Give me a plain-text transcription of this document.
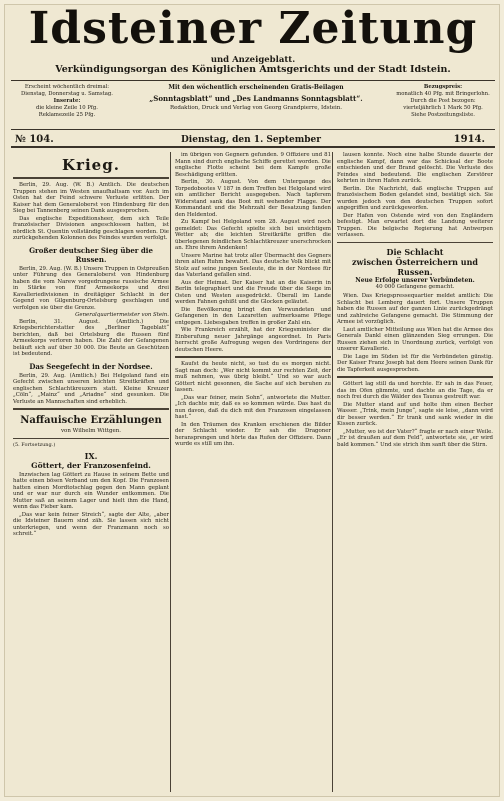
Idsteiner Zeitung
und Anzeigeblatt.
Verkündigungsorgan des Königlichen Amtsgerichts und der Stadt Idstein.
Erscheint wöchentlich dreimal:
Dienstag, Donnerstag u. Samstag.
Inserate:
die kleine Zeile 10 Pfg.
Reklamezeile 25 Pfg.
Mit den wöchentlich erscheinenden Gratis-Beilagen
„Sonntagsblatt“ und „Des Landmanns Sonntagsblatt“.
Redaktion, Druck und Verlag von Georg Grandpierre, Idstein.
Bezugspreis:
monatlich 40 Pfg. mit Bringerlohn.
Durch die Post bezogen:
vierteljährlich 1 Mark 50 Pfg.
Siehe Postzeitungsliste.
№ 104.	Dienstag, den 1. September	1914.
Krieg.

Berlin, 29. Aug. (W. B.) Amtlich. Die deutschen Truppen stehen im Westen unaufhaltsam vor. Auch im Osten hat der Feind schwere Verluste erlitten. Der Kaiser hat dem Generaloberst von Hindenburg für den Sieg bei Tannenberg seinen Dank ausgesprochen.

Das englische Expeditionsheer, dem sich Teile französischer Divisionen angeschlossen hatten, ist nördlich St. Quentin vollständig geschlagen worden. Die zurückgehenden Kolonnen des Feindes wurden verfolgt.

Großer deutscher Sieg über die Russen.

Berlin, 29. Aug. (W. B.) Unsere Truppen in Ostpreußen unter Führung des Generaloberst von Hindenburg haben die vom Narew vorgedrungene russische Armee in Stärke von fünf Armeekorps und drei Kavalleriedivisionen in dreitägiger Schlacht in der Gegend von Gilgenburg-Ortelsburg geschlagen und verfolgen sie über die Grenze.

Generalquartiermeister von Stein.

Berlin, 31. August. (Amtlich.) Die Kriegsberichterstatter des „Berliner Tageblatt“ berichten, daß bei Ortelsburg die Russen fünf Armeekorps verloren haben. Die Zahl der Gefangenen beläuft sich auf über 30 000. Die Beute an Geschützen ist bedeutend.

Das Seegefecht in der Nordsee.

Berlin, 29. Aug. (Amtlich.) Bei Helgoland fand ein Gefecht zwischen unseren leichten Streitkräften und englischen Schlachtkreuzern statt. Kleine Kreuzer „Cöln“, „Mainz“ und „Ariadne“ sind gesunken. Die Verluste an Mannschaften sind erheblich.

Naffauische Erzählungen
von Wilhelm Wittgen.
(5. Fortsetzung.)
IX.
Göttert, der Franzosenfeind.

Inzwischen lag Göttert zu Hause in seinem Bette und hatte einen bösen Verband um den Kopf. Die Franzosen hatten einen Mordtotschlag gegen den Mann geplant und er war nur durch ein Wunder entkommen. Die Mutter saß an seinem Lager und hielt ihm die Hand, wenn das Fieber kam.

„Das war kein feiner Streich“, sagte der Alte, „aber die Idsteiner Bauern sind zäh. Sie lassen sich nicht unterkriegen, und wenn der Franzmann noch so schreit.“

im übrigen von Gegnern gefunden. 9 Offiziere und 81 Mann sind durch englische Schiffe gerettet worden. Die englische Flotte scheint bei dem Kampfe große Beschädigung erlitten.

Berlin, 30. August. Von dem Untergange des Torpedobootes V 187 in dem Treffen bei Helgoland wird ein amtlicher Bericht ausgegeben. Nach tapferem Widerstand sank das Boot mit wehender Flagge. Der Kommandant und die Mehrzahl der Besatzung fanden den Heldentod.

Zu Kampf bei Helgoland vom 28. August wird noch gemeldet: Das Gefecht spielte sich bei unsichtigem Wetter ab; die leichten Streitkräfte griffen die überlegenen feindlichen Schlachtkreuzer unerschrocken an. Ehre ihrem Andenken!

Unsere Marine hat trotz aller Übermacht des Gegners ihren alten Ruhm bewahrt. Das deutsche Volk blickt mit Stolz auf seine jungen Seeleute, die in der Nordsee für das Vaterland gefallen sind.

Aus der Heimat. Der Kaiser hat an die Kaiserin in Berlin telegraphiert und die Freude über die Siege im Osten und Westen ausgedrückt. Überall im Lande werden Fahnen gehißt und die Glocken geläutet.

Die Bevölkerung bringt den Verwundeten und Gefangenen in den Lazaretten aufmerksame Pflege entgegen. Liebesgaben treffen in großer Zahl ein.

Wie Frankreich erzählt, hat der Kriegsminister die Einberufung neuer Jahrgänge angeordnet. In Paris herrscht große Aufregung wegen des Vordringens der deutschen Heere.

Kaufst du heute nicht, so tust du es morgen nicht. Sagt man doch: „Wer nicht kommt zur rechten Zeit, der muß nehmen, was übrig bleibt.“ Und so war auch Göttert nicht gesonnen, die Sache auf sich beruhen zu lassen.

„Das war feiner, mein Sohn“, antwortete die Mutter. „Ich dachte mir, daß es so kommen würde. Das hast du nun davon, daß du dich mit den Franzosen eingelassen hast.“

In den Träumen des Kranken erschienen die Bilder der Schlacht wieder. Er sah die Dragoner heransprengen und hörte das Rufen der Offiziere. Dann wurde es still um ihn.

lausen konnte. Noch eine halbe Stunde dauerte der englische Kampf, dann war das Schicksal der Boote entschieden und der Brand gelöscht. Die Verluste des Feindes sind bedeutend. Die englischen Zerstörer kehrten in ihren Hafen zurück.

Berlin. Die Nachricht, daß englische Truppen auf französischem Boden gelandet sind, bestätigt sich. Sie wurden jedoch von den deutschen Truppen sofort angegriffen und zurückgeworfen.

Der Hafen von Ostende wird von den Engländern befestigt. Man erwartet dort die Landung weiterer Truppen. Die belgische Regierung hat Antwerpen verlassen.

Die Schlacht
zwischen Österreichern und Russen.
Neue Erfolge unserer Verbündeten.
40 000 Gefangene gemacht.

Wien. Das Kriegspressequartier meldet amtlich: Die Schlacht bei Lemberg dauert fort. Unsere Truppen haben die Russen auf der ganzen Linie zurückgedrängt und zahlreiche Gefangene gemacht. Die Stimmung der Armee ist vorzüglich.

Laut amtlicher Mitteilung aus Wien hat die Armee des Generals Dankl einen glänzenden Sieg errungen. Die Russen ziehen sich in Unordnung zurück, verfolgt von unserer Kavallerie.

Die Lage im Süden ist für die Verbündeten günstig. Der Kaiser Franz Joseph hat dem Heere seinen Dank für die Tapferkeit ausgesprochen.

Göttert lag still da und horchte. Er sah in das Feuer, das im Ofen glimmte, und dachte an die Tage, da er noch frei durch die Wälder des Taunus gestreift war.

Die Mutter stand auf und holte ihm einen Becher Wasser. „Trink, mein Junge“, sagte sie leise, „dann wird dir besser werden.“ Er trank und sank wieder in die Kissen zurück.

„Mutter, wo ist der Vater?“ fragte er nach einer Weile. „Er ist draußen auf dem Feld“, antwortete sie, „er wird bald kommen.“ Und sie strich ihm sanft über die Stirn.
